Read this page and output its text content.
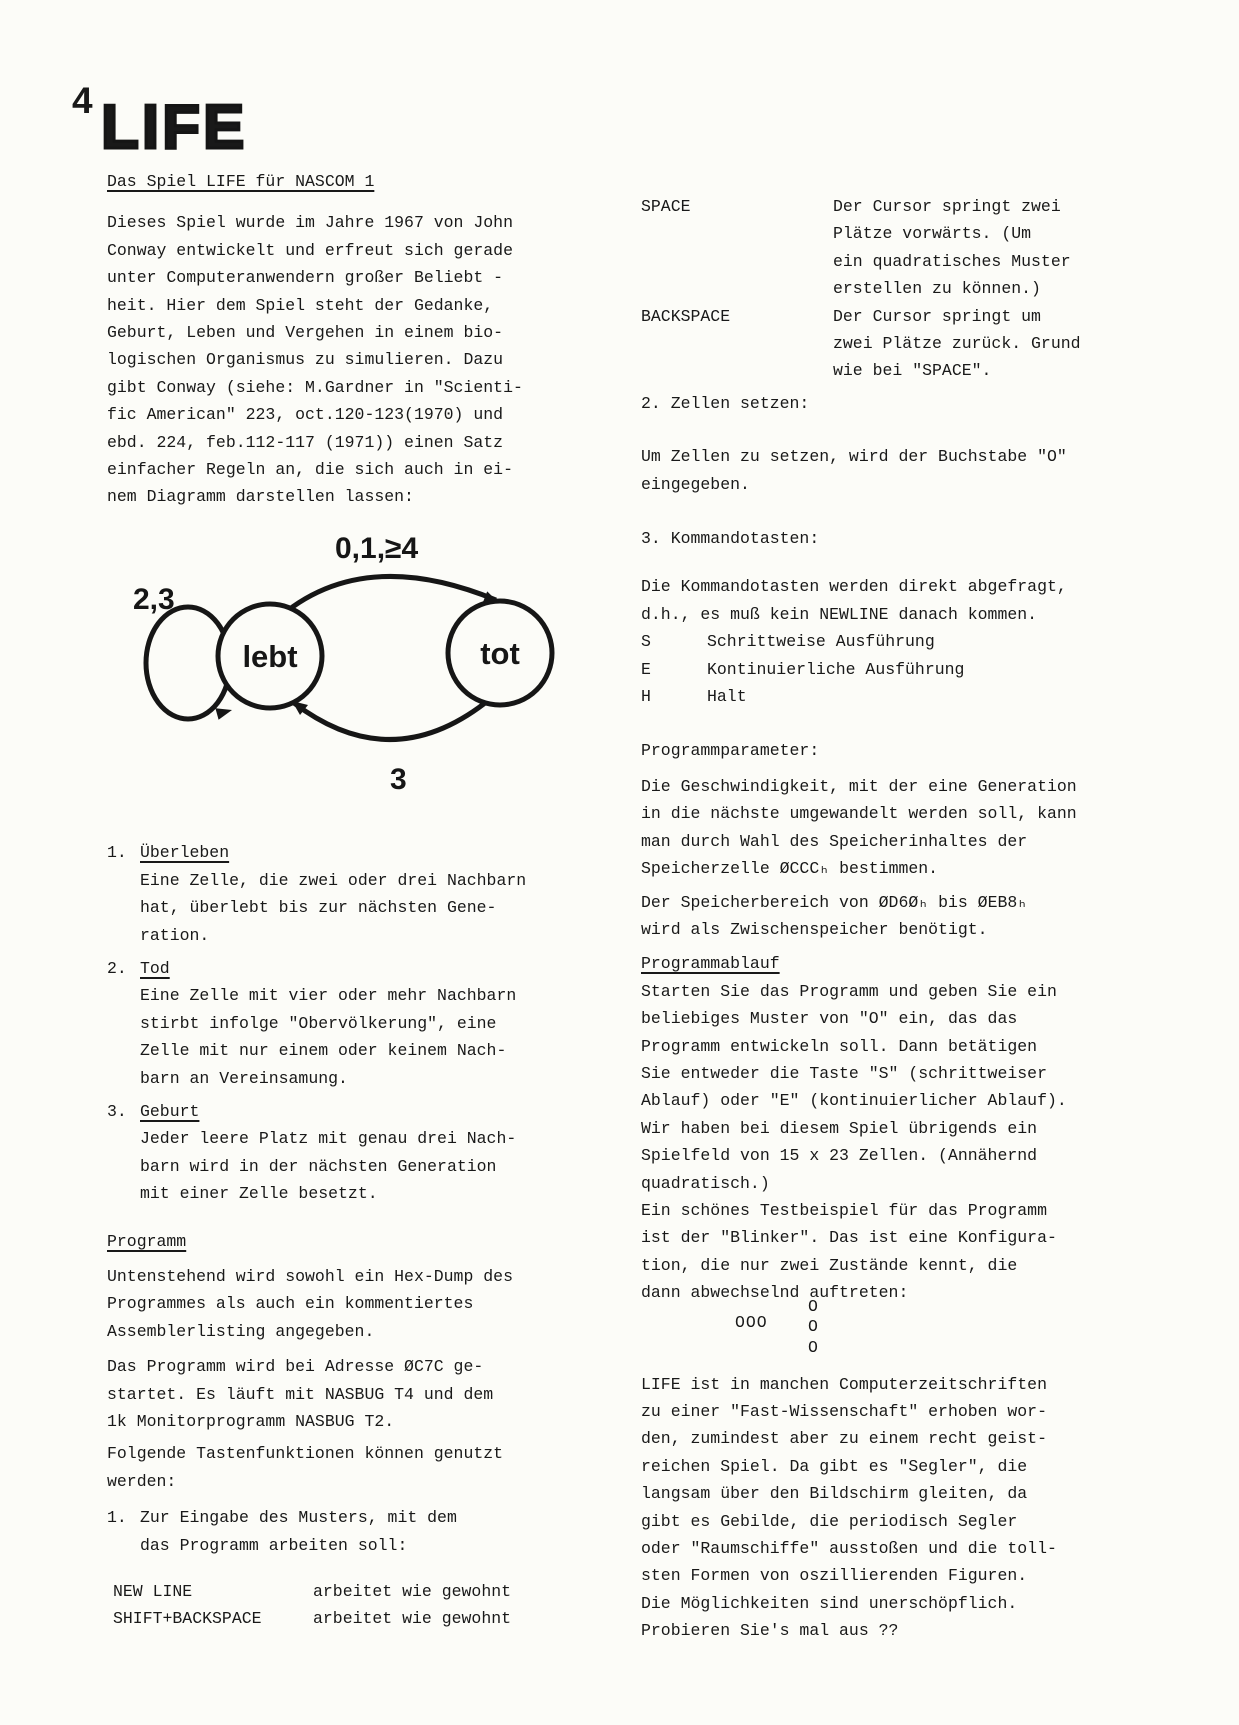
4 LIFE
Das Spiel LIFE für NASCOM 1
Dieses Spiel wurde im Jahre 1967 von John
Conway entwickelt und erfreut sich gerade
unter Computeranwendern großer Beliebt -
heit. Hier dem Spiel steht der Gedanke,
Geburt, Leben und Vergehen in einem bio-
logischen Organismus zu simulieren. Dazu
gibt Conway (siehe: M.Gardner in "Scienti-
fic American" 223, oct.120-123(1970) und
ebd. 224, feb.112-117 (1971)) einen Satz
einfacher Regeln an, die sich auch in ei-
nem Diagramm darstellen lassen:
lebt	tot
0,1,≥4
2,3
3
1. Überleben
Eine Zelle, die zwei oder drei Nachbarn
hat, überlebt bis zur nächsten Gene-
ration.
2. Tod
Eine Zelle mit vier oder mehr Nachbarn
stirbt infolge "Obervölkerung", eine
Zelle mit nur einem oder keinem Nach-
barn an Vereinsamung.
3. Geburt
Jeder leere Platz mit genau drei Nach-
barn wird in der nächsten Generation
mit einer Zelle besetzt.
Programm
Untenstehend wird sowohl ein Hex-Dump des
Programmes als auch ein kommentiertes
Assemblerlisting angegeben.
Das Programm wird bei Adresse ØC7C ge-
startet. Es läuft mit NASBUG T4 und dem
1k Monitorprogramm NASBUG T2.
Folgende Tastenfunktionen können genutzt
werden:
1. Zur Eingabe des Musters, mit dem
das Programm arbeiten soll:
NEW LINE	arbeitet wie gewohnt
SHIFT+BACKSPACE	arbeitet wie gewohnt
SPACE	Der Cursor springt zwei
Plätze vorwärts. (Um
ein quadratisches Muster
erstellen zu können.)
BACKSPACE	Der Cursor springt um
zwei Plätze zurück. Grund
wie bei "SPACE".
2. Zellen setzen:
Um Zellen zu setzen, wird der Buchstabe "O"
eingegeben.
3. Kommandotasten:
Die Kommandotasten werden direkt abgefragt,
d.h., es muß kein NEWLINE danach kommen.
S	Schrittweise Ausführung
E	Kontinuierliche Ausführung
H	Halt
Programmparameter:
Die Geschwindigkeit, mit der eine Generation
in die nächste umgewandelt werden soll, kann
man durch Wahl des Speicherinhaltes der
Speicherzelle ØCCCₕ bestimmen.
Der Speicherbereich von ØD6Øₕ bis ØEB8ₕ
wird als Zwischenspeicher benötigt.
Programmablauf
Starten Sie das Programm und geben Sie ein
beliebiges Muster von "O" ein, das das
Programm entwickeln soll. Dann betätigen
Sie entweder die Taste "S" (schrittweiser
Ablauf) oder "E" (kontinuierlicher Ablauf).
Wir haben bei diesem Spiel übrigends ein
Spielfeld von 15 x 23 Zellen. (Annähernd
quadratisch.)
Ein schönes Testbeispiel für das Programm
ist der "Blinker". Das ist eine Konfigura-
tion, die nur zwei Zustände kennt, die
dann abwechselnd auftreten:
OOO
O
O
O
LIFE ist in manchen Computerzeitschriften
zu einer "Fast-Wissenschaft" erhoben wor-
den, zumindest aber zu einem recht geist-
reichen Spiel. Da gibt es "Segler", die
langsam über den Bildschirm gleiten, da
gibt es Gebilde, die periodisch Segler
oder "Raumschiffe" ausstoßen und die toll-
sten Formen von oszillierenden Figuren.
Die Möglichkeiten sind unerschöpflich.
Probieren Sie's mal aus ??
